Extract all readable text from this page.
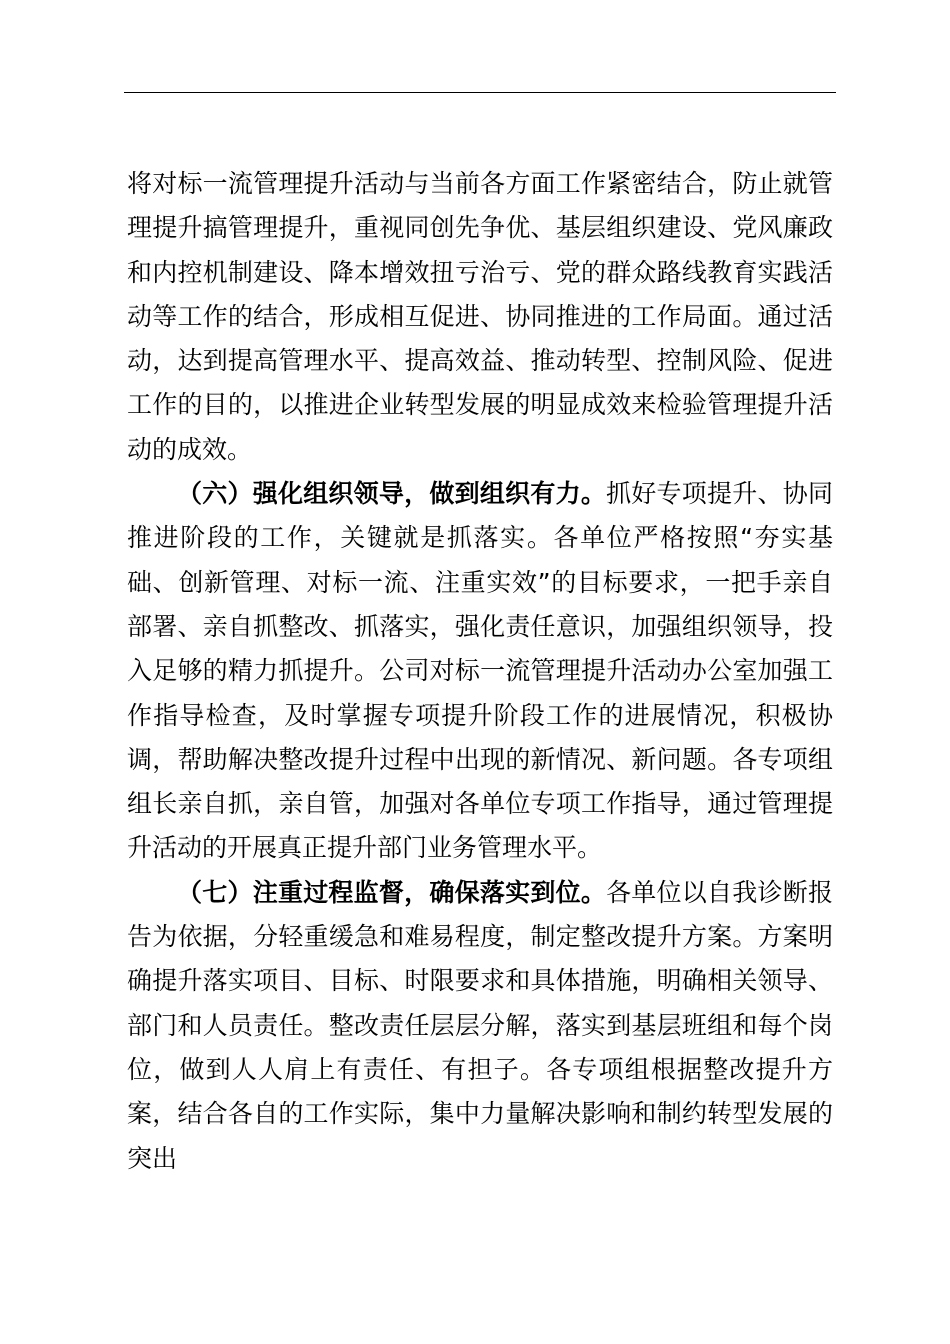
将对标一流管理提升活动与当前各方面工作紧密结合，防止就管理提升搞管理提升，重视同创先争优、基层组织建设、党风廉政和内控机制建设、降本增效扭亏治亏、党的群众路线教育实践活动等工作的结合，形成相互促进、协同推进的工作局面。通过活动，达到提高管理水平、提高效益、推动转型、控制风险、促进工作的目的，以推进企业转型发展的明显成效来检验管理提升活动的成效。

（六）强化组织领导，做到组织有力。抓好专项提升、协同推进阶段的工作，关键就是抓落实。各单位严格按照“夯实基础、创新管理、对标一流、注重实效”的目标要求，一把手亲自部署、亲自抓整改、抓落实，强化责任意识，加强组织领导，投入足够的精力抓提升。公司对标一流管理提升活动办公室加强工作指导检查，及时掌握专项提升阶段工作的进展情况，积极协调，帮助解决整改提升过程中出现的新情况、新问题。各专项组组长亲自抓，亲自管，加强对各单位专项工作指导，通过管理提升活动的开展真正提升部门业务管理水平。

（七）注重过程监督，确保落实到位。各单位以自我诊断报告为依据，分轻重缓急和难易程度，制定整改提升方案。方案明确提升落实项目、目标、时限要求和具体措施，明确相关领导、部门和人员责任。整改责任层层分解，落实到基层班组和每个岗位，做到人人肩上有责任、有担子。各专项组根据整改提升方案，结合各自的工作实际，集中力量解决影响和制约转型发展的突出
